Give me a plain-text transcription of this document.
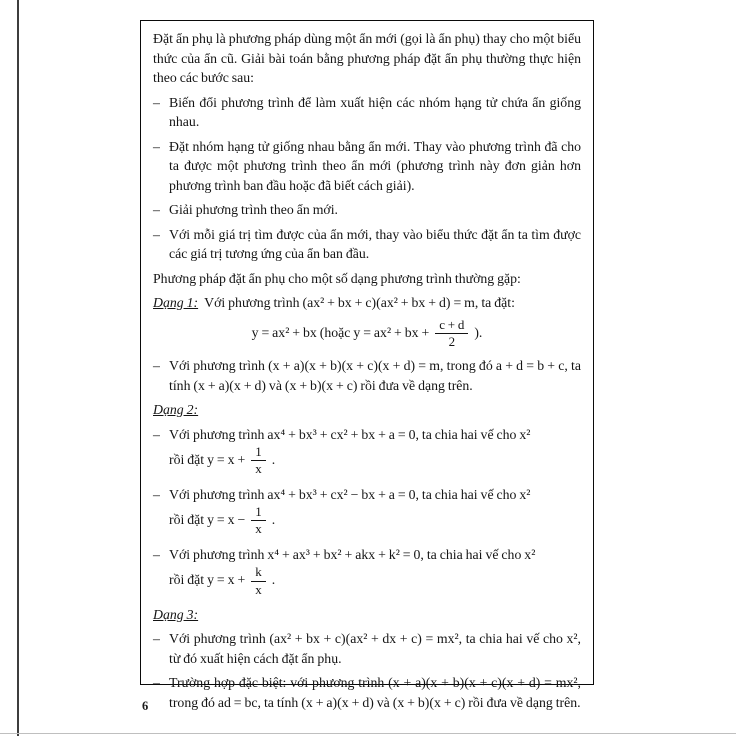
Đặt ẩn phụ là phương pháp dùng một ẩn mới (gọi là ẩn phụ) thay cho một biểu thức của ẩn cũ. Giải bài toán bằng phương pháp đặt ẩn phụ thường thực hiện theo các bước sau:

– Biến đổi phương trình để làm xuất hiện các nhóm hạng tử chứa ẩn giống nhau.
– Đặt nhóm hạng tử giống nhau bằng ẩn mới. Thay vào phương trình đã cho ta được một phương trình theo ẩn mới (phương trình này đơn giản hơn phương trình ban đầu hoặc đã biết cách giải).
– Giải phương trình theo ẩn mới.
– Với mỗi giá trị tìm được của ẩn mới, thay vào biểu thức đặt ẩn ta tìm được các giá trị tương ứng của ẩn ban đầu.

Phương pháp đặt ẩn phụ cho một số dạng phương trình thường gặp:

Dạng 1: Với phương trình (ax² + bx + c)(ax² + bx + d) = m, ta đặt:

y = ax² + bx (hoặc y = ax² + bx + $\frac{c + d}{2}$ ).
– Với phương trình (x + a)(x + b)(x + c)(x + d) = m, trong đó a + d = b + c, ta tính (x + a)(x + d) và (x + b)(x + c) rồi đưa về dạng trên.

Dạng 2:

– Với phương trình ax⁴ + bx³ + cx² + bx + a = 0, ta chia hai vế cho x²
rồi đặt $y = x + \frac{1}{x}$ .
– Với phương trình ax⁴ + bx³ + cx² − bx + a = 0, ta chia hai vế cho x²
rồi đặt $y = x - \frac{1}{x}$ .
– Với phương trình x⁴ + ax³ + bx² + akx + k² = 0, ta chia hai vế cho x²
rồi đặt $y = x + \frac{k}{x}$ .

Dạng 3:

– Với phương trình (ax² + bx + c)(ax² + dx + c) = mx², ta chia hai vế cho x², từ đó xuất hiện cách đặt ẩn phụ.
– Trường hợp đặc biệt: với phương trình (x + a)(x + b)(x + c)(x + d) = mx², trong đó ad = bc, ta tính (x + a)(x + d) và (x + b)(x + c) rồi đưa về dạng trên.
6
